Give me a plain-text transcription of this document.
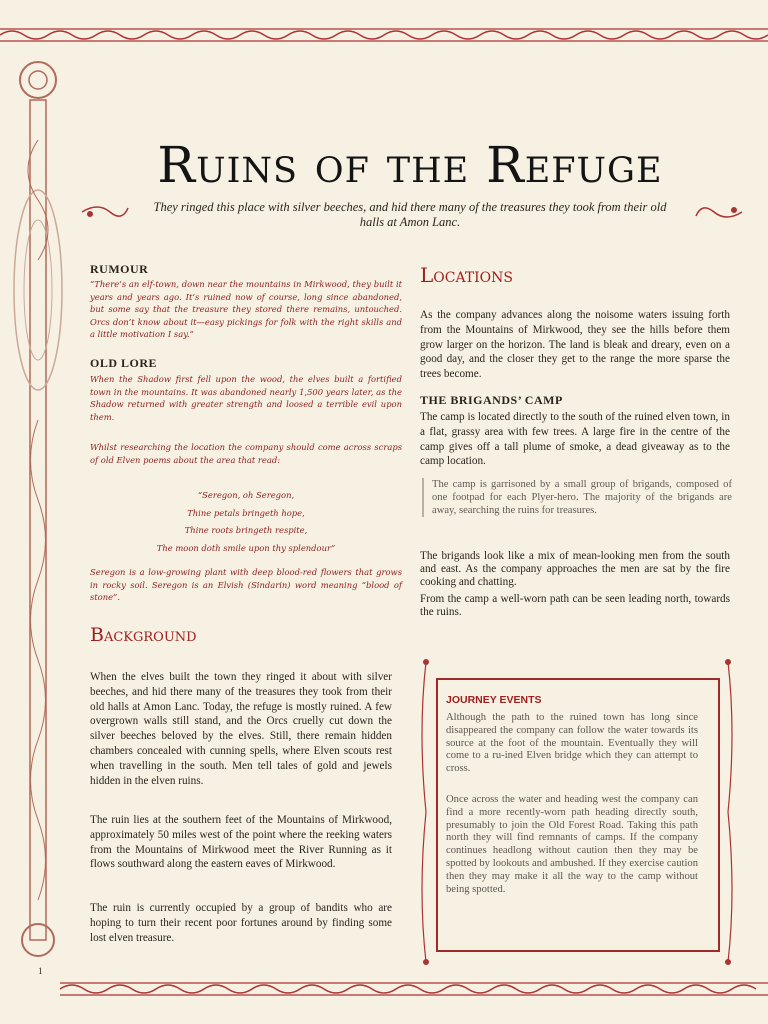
Ruins of the Refuge
They ringed this place with silver beeches, and hid there many of the treasures they took from their old halls at Amon Lanc.
RUMOUR
“There’s an elf-town, down near the mountains in Mirkwood, they built it years and years ago. It’s ruined now of course, long since abandoned, but some say that the treasure they stored there remains, untouched. Orcs don’t know about it—easy pickings for folk with the right skills and a little motivation I say.”
OLD LORE
When the Shadow first fell upon the wood, the elves built a fortified town in the mountains. It was abandoned nearly 1,500 years later, as the Shadow returned with greater strength and loosed a terrible evil upon them.
Whilst researching the location the company should come across scraps of old Elven poems about the area that read:
“Seregon, oh Seregon,
Thine petals bringeth hope,
Thine roots bringeth respite,
The moon doth smile upon thy splendour”
Seregon is a low-growing plant with deep blood-red flowers that grows in rocky soil. Seregon is an Elvish (Sindarin) word meaning “blood of stone”.
Background
When the elves built the town they ringed it about with silver beeches, and hid there many of the treasures they took from their old halls at Amon Lanc. Today, the refuge is mostly ruined. A few overgrown walls still stand, and the Orcs cruelly cut down the silver beeches beloved by the elves. Still, there remain hidden chambers concealed with cunning spells, where Elven scouts rest when travelling in the south. Men tell tales of gold and jewels hidden in the elven ruins.
The ruin lies at the southern feet of the Mountains of Mirkwood, approximately 50 miles west of the point where the reeking waters from the Mountains of Mirkwood meet the River Running as it flows southward along the eastern eaves of Mirkwood.
The ruin is currently occupied by a group of bandits who are hoping to turn their recent poor fortunes around by finding some lost elven treasure.
Locations
As the company advances along the noisome waters issuing forth from the Mountains of Mirkwood, they see the hills before them grow larger on the horizon. The land is bleak and dreary, even on a good day, and the closer they get to the range the more sparse the trees become.
THE BRIGANDS’ CAMP
The camp is located directly to the south of the ruined elven town, in a flat, grassy area with few trees. A large fire in the centre of the camp gives off a tall plume of smoke, a dead giveaway as to the camp location.
The camp is garrisoned by a small group of brigands, composed of one footpad for each Plyer-hero. The majority of the brigands are away, searching the ruins for treasures.
The brigands look like a mix of mean-looking men from the south and east. As the company approaches the men are sat by the fire cooking and chatting.
From the camp a well-worn path can be seen leading north, towards the ruins.
JOURNEY EVENTS
Although the path to the ruined town has long since disappeared the company can follow the water towards its source at the foot of the mountain. Eventually they will come to a ru-ined Elven bridge which they can attempt to cross.
Once across the water and heading west the company can find a more recently-worn path heading directly south, presumably to join the Old Forest Road. Taking this path north they will find remnants of camps. If the company continues headlong without caution then they may be spotted by lookouts and ambushed. If they exercise caution then they may make it all the way to the camp without being spotted.
1
